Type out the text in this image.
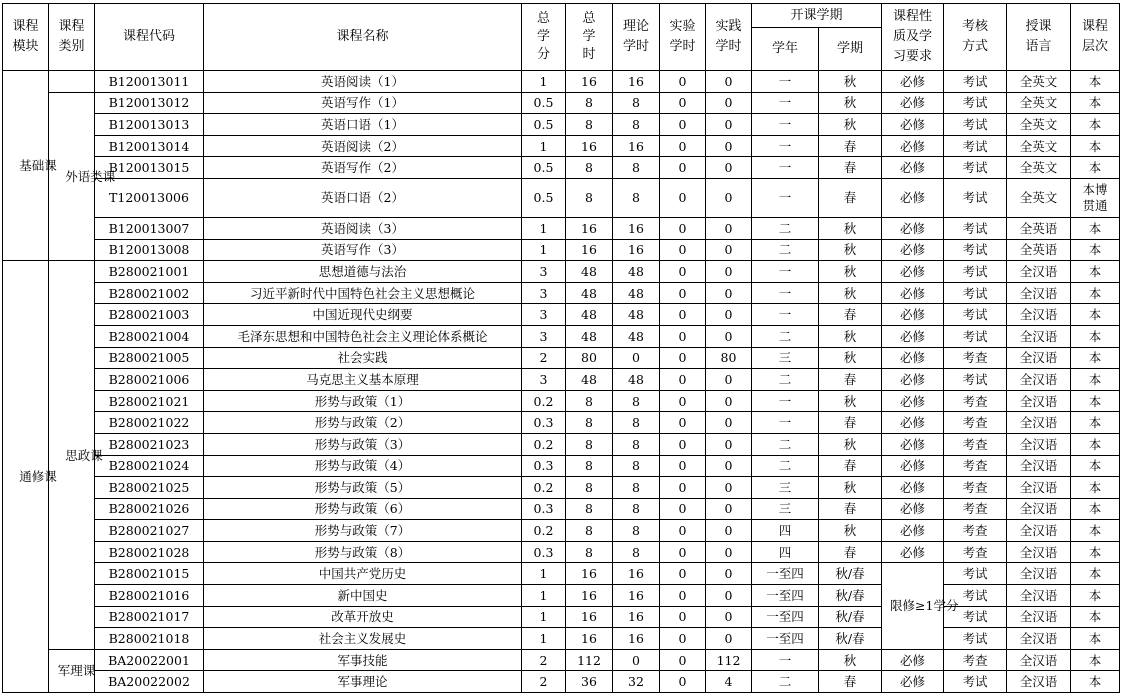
课程模块	课程类别	课程代码	课程名称	总学分	总学时	理论学时	实验学时	实践学时	开课学期		课程性质及学习要求	考核方式	授课语言	课程层次

									学年	学期				

基础课		B120013011	英语阅读（1）	1	16	16	0	0	一	秋	必修	考试	全英文	本

	外语类课	B120013012	英语写作（1）	0.5	8	8	0	0	一	秋	必修	考试	全英文	本
		B120013013	英语口语（1）	0.5	8	8	0	0	一	秋	必修	考试	全英文	本
		B120013014	英语阅读（2）	1	16	16	0	0	一	春	必修	考试	全英文	本
		B120013015	英语写作（2）	0.5	8	8	0	0	一	春	必修	考试	全英文	本
		T120013006	英语口语（2）	0.5	8	8	0	0	一	春	必修	考试	全英文	本博贯通
		B120013007	英语阅读（3）	1	16	16	0	0	二	秋	必修	考试	全英语	本
		B120013008	英语写作（3）	1	16	16	0	0	二	秋	必修	考试	全英语	本

通修课	思政课	B280021001	思想道德与法治	3	48	48	0	0	一	秋	必修	考试	全汉语	本
		B280021002	习近平新时代中国特色社会主义思想概论	3	48	48	0	0	一	秋	必修	考试	全汉语	本
		B280021003	中国近现代史纲要	3	48	48	0	0	一	春	必修	考试	全汉语	本
		B280021004	毛泽东思想和中国特色社会主义理论体系概论	3	48	48	0	0	二	秋	必修	考试	全汉语	本
		B280021005	社会实践	2	80	0	0	80	三	秋	必修	考查	全汉语	本
		B280021006	马克思主义基本原理	3	48	48	0	0	二	春	必修	考试	全汉语	本
		B280021021	形势与政策（1）	0.2	8	8	0	0	一	秋	必修	考查	全汉语	本
		B280021022	形势与政策（2）	0.3	8	8	0	0	一	春	必修	考查	全汉语	本
		B280021023	形势与政策（3）	0.2	8	8	0	0	二	秋	必修	考查	全汉语	本
		B280021024	形势与政策（4）	0.3	8	8	0	0	二	春	必修	考查	全汉语	本
		B280021025	形势与政策（5）	0.2	8	8	0	0	三	秋	必修	考查	全汉语	本
		B280021026	形势与政策（6）	0.3	8	8	0	0	三	春	必修	考查	全汉语	本
		B280021027	形势与政策（7）	0.2	8	8	0	0	四	秋	必修	考查	全汉语	本
		B280021028	形势与政策（8）	0.3	8	8	0	0	四	春	必修	考查	全汉语	本
		B280021015	中国共产党历史	1	16	16	0	0	一至四	秋/春	限修≥1学分	考试	全汉语	本
		B280021016	新中国史	1	16	16	0	0	一至四	秋/春		考试	全汉语	本
		B280021017	改革开放史	1	16	16	0	0	一至四	秋/春		考试	全汉语	本
		B280021018	社会主义发展史	1	16	16	0	0	一至四	秋/春		考试	全汉语	本

	军理课	BA20022001	军事技能	2	112	0	0	112	一	秋	必修	考查	全汉语	本
		BA20022002	军事理论	2	36	32	0	4	二	春	必修	考试	全汉语	本
